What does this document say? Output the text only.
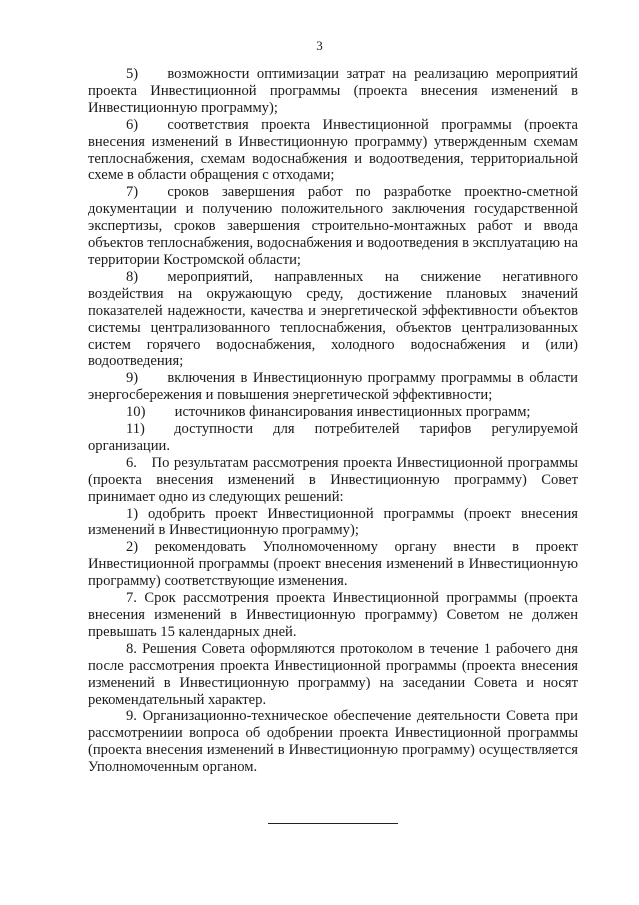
3

5)  возможности оптимизации затрат на реализацию мероприятий проекта Инвестиционной программы (проекта внесения изменений в Инвестиционную программу);

6)  соответствия проекта Инвестиционной программы (проекта внесения изменений в Инвестиционную программу) утвержденным схемам теплоснабжения, схемам водоснабжения и водоотведения, территориальной схеме в области обращения с отходами;

7)  сроков завершения работ по разработке проектно-сметной документации и получению положительного заключения государственной экспертизы, сроков завершения строительно-монтажных работ и ввода объектов теплоснабжения, водоснабжения и водоотведения в эксплуатацию на территории Костромской области;

8)  мероприятий, направленных на снижение негативного воздействия на окружающую среду, достижение плановых значений показателей надежности, качества и энергетической эффективности объектов системы централизованного теплоснабжения, объектов централизованных систем горячего водоснабжения, холодного водоснабжения и (или) водоотведения;

9)  включения в Инвестиционную программу программы в области энергосбережения и повышения энергетической эффективности;

10)  источников финансирования инвестиционных программ;

11)  доступности для потребителей тарифов регулируемой организации.

6. По результатам рассмотрения проекта Инвестиционной программы (проекта внесения изменений в Инвестиционную программу) Совет принимает одно из следующих решений:

1) одобрить проект Инвестиционной программы (проект внесения изменений в Инвестиционную программу);

2) рекомендовать Уполномоченному органу внести в проект Инвестиционной программы (проект внесения изменений в Инвестиционную программу) соответствующие изменения.

7. Срок рассмотрения проекта Инвестиционной программы (проекта внесения изменений в Инвестиционную программу) Советом не должен превышать 15 календарных дней.

8. Решения Совета оформляются протоколом в течение 1 рабочего дня после рассмотрения проекта Инвестиционной программы (проекта внесения изменений в Инвестиционную программу) на заседании Совета и носят рекомендательный характер.

9. Организационно-техническое обеспечение деятельности Совета при рассмотрениии вопроса об одобрении проекта Инвестиционной программы (проекта внесения изменений в Инвестиционную программу) осуществляется Уполномоченным органом.
